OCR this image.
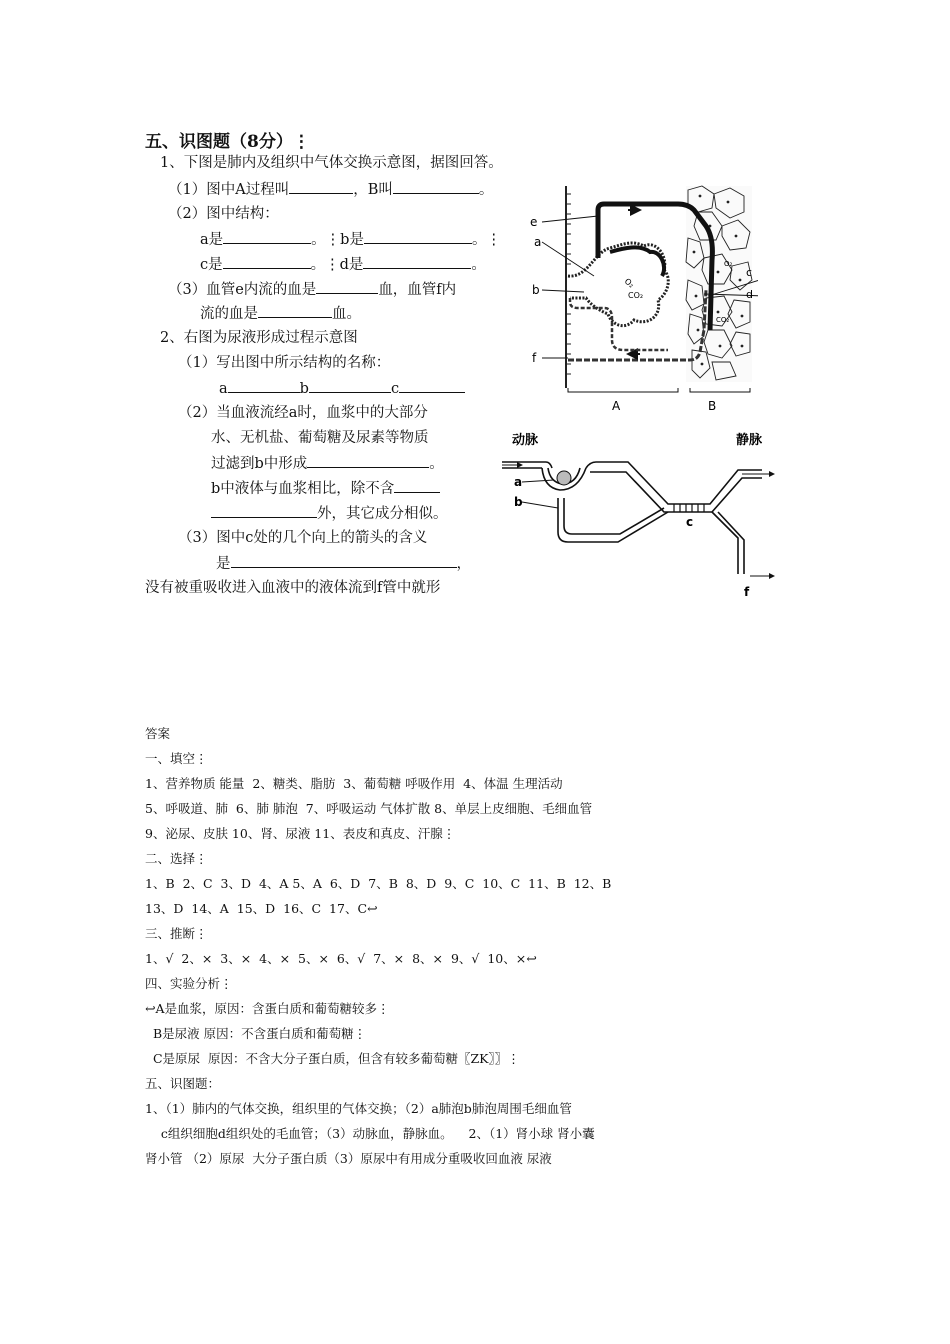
五、识图题（8分）⋮
1、下图是肺内及组织中气体交换示意图，据图回答。
（1）图中A过程叫	，B叫	。
（2）图中结构：
a是	。⋮b是	。⋮
c是	。⋮d是	。
（3）血管e内流的血是	血，血管f内
流的血是	血。
2、右图为尿液形成过程示意图
（1）写出图中所示结构的名称：
a	b	c
（2）当血液流经a时，血浆中的大部分
水、无机盐、葡萄糖及尿素等物质
过滤到b中形成	。
b中液体与血浆相比，除不含
外，其它成分相似。
（3）图中c处的几个向上的箭头的含义
是	，
没有被重吸收进入血液中的液体流到f管中就形
O₂
CO₂
O₂
CO₂
e
a
b
f
c
d
A	B
动脉	静脉
a
b
c
f
答案
一、填空⋮
1、营养物质 能量  2、糖类、脂肪  3、葡萄糖 呼吸作用  4、体温 生理活动
5、呼吸道、肺  6、肺 肺泡  7、呼吸运动 气体扩散 8、单层上皮细胞、毛细血管
9、泌尿、皮肤 10、肾、尿液 11、表皮和真皮、汗腺⋮
二、选择⋮
1、B  2、C  3、D  4、A 5、A  6、D  7、B  8、D  9、C  10、C  11、B  12、B
13、D  14、A  15、D  16、C  17、C↩
三、推断⋮
1、√  2、×  3、×  4、×  5、×  6、√  7、×  8、×  9、√  10、×↩
四、实验分析⋮
↩A是血浆，原因：含蛋白质和葡萄糖较多⋮
B是尿液 原因：不含蛋白质和葡萄糖⋮
C是原尿  原因：不含大分子蛋白质，但含有较多葡萄糖〖ZK〗〗⋮
五、识图题：
1、（1）肺内的气体交换，组织里的气体交换；（2）a肺泡b肺泡周围毛细血管
c组织细胞d组织处的毛血管；（3）动脉血，静脉血。    2、（1）肾小球 肾小囊
肾小管 （2）原尿  大分子蛋白质（3）原尿中有用成分重吸收回血液 尿液
